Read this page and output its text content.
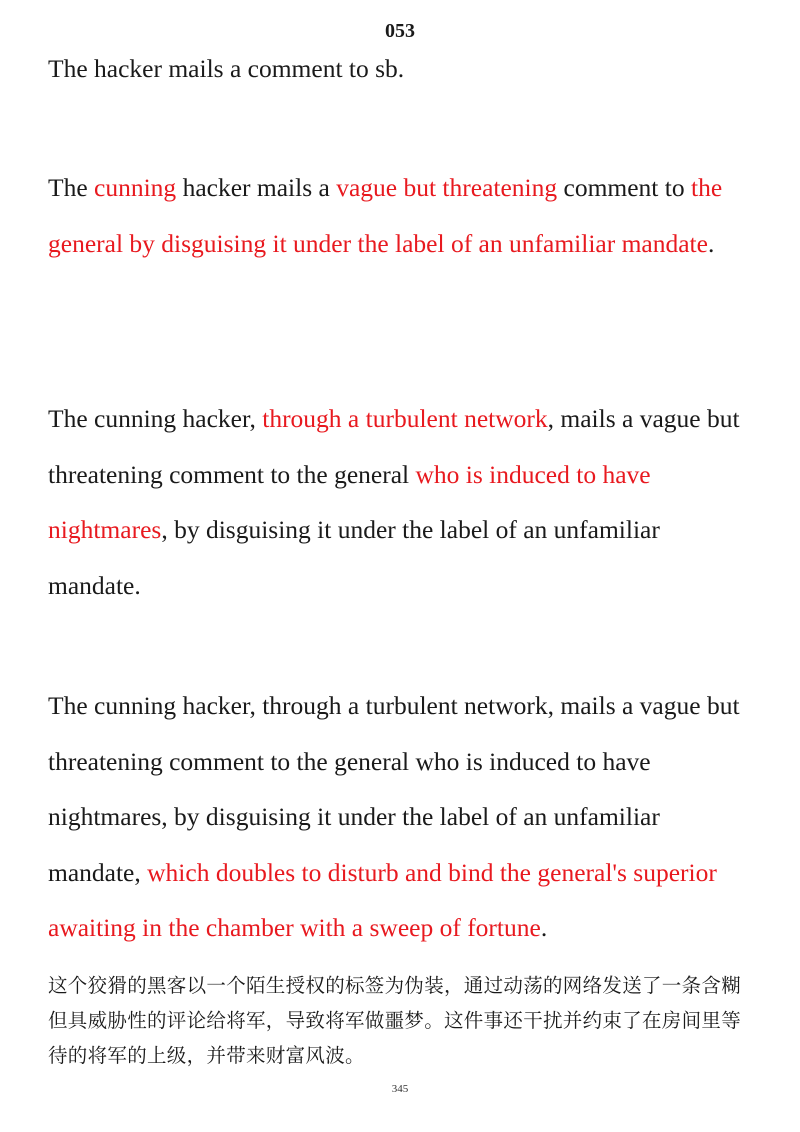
053
The hacker mails a comment to sb.
The cunning hacker mails a vague but threatening comment to the general by disguising it under the label of an unfamiliar mandate.
The cunning hacker, through a turbulent network, mails a vague but threatening comment to the general who is induced to have nightmares, by disguising it under the label of an unfamiliar mandate.
The cunning hacker, through a turbulent network, mails a vague but threatening comment to the general who is induced to have nightmares, by disguising it under the label of an unfamiliar mandate, which doubles to disturb and bind the general's superior awaiting in the chamber with a sweep of fortune.
这个狡猾的黑客以一个陌生授权的标签为伪装，通过动荡的网络发送了一条含糊但具威胁性的评论给将军，导致将军做噩梦。这件事还干扰并约束了在房间里等待的将军的上级，并带来财富风波。
345
